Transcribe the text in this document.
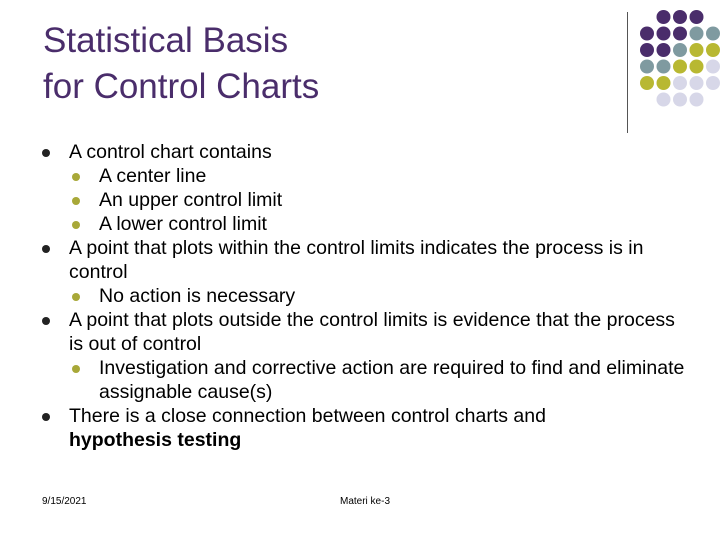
Statistical Basis
for Control Charts
A control chart contains
A center line
An upper control limit
A lower control limit
A point that plots within the control limits indicates the process is in control
No action is necessary
A point that plots outside the control limits is evidence that the process is out of control
Investigation and corrective action are required to find and eliminate assignable cause(s)
There is a close connection between control charts and
hypothesis testing
9/15/2021	Materi ke-3
